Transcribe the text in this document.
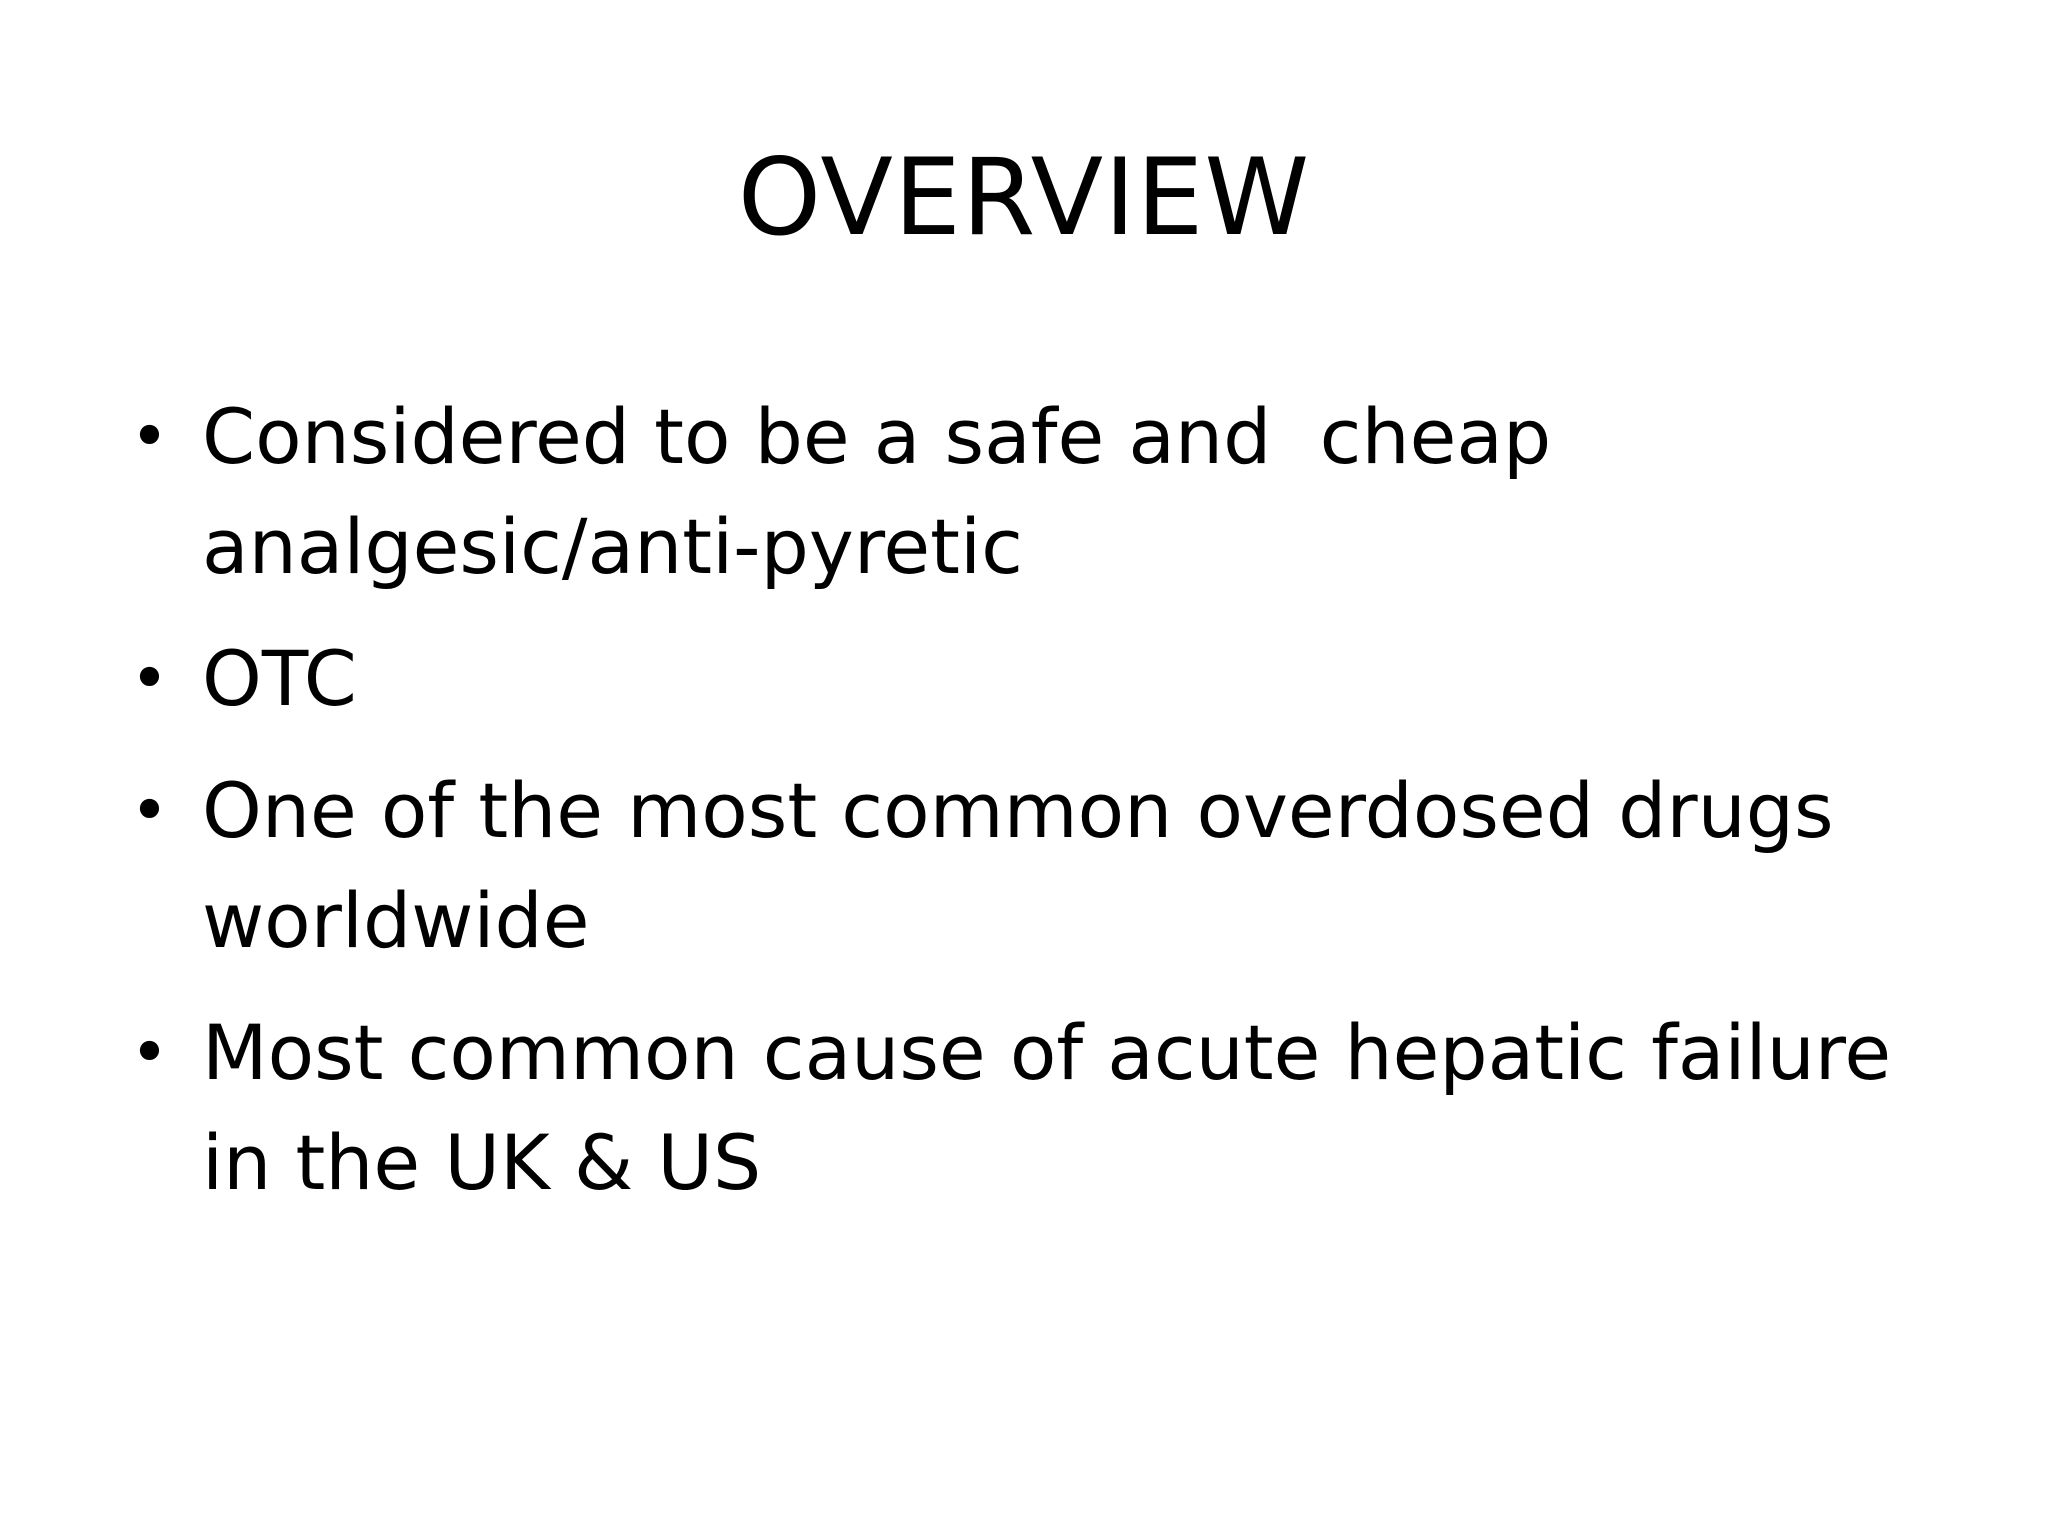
OVERVIEW
• Considered to be a safe and  cheap
analgesic/anti-pyretic
• OTC
• One of the most common overdosed drugs
worldwide
• Most common cause of acute hepatic failure
in the UK & US
